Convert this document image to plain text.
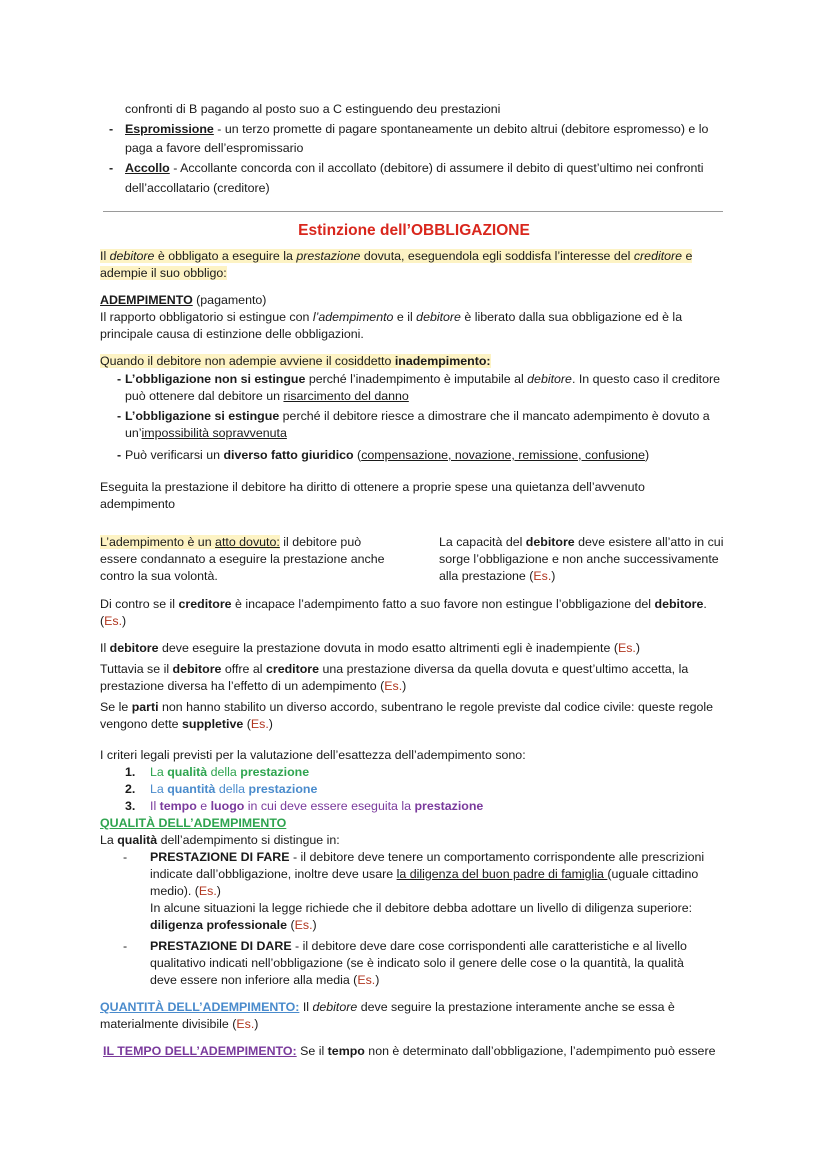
confronti di B pagando al posto suo a C estinguendo deu prestazioni
- Espromissione - un terzo promette di pagare spontaneamente un debito altrui (debitore espromesso) e lo
paga a favore dell’espromissario
- Accollo - Accollante concorda con il accollato (debitore) di assumere il debito di quest’ultimo nei confronti
dell’accollatario (creditore)
Estinzione dell’OBBLIGAZIONE
Il debitore è obbligato a eseguire la prestazione dovuta, eseguendola egli soddisfa l’interesse del creditore e
adempie il suo obbligo:
ADEMPIMENTO (pagamento)
Il rapporto obbligatorio si estingue con l’adempimento e il debitore è liberato dalla sua obbligazione ed è la
principale causa di estinzione delle obbligazioni.
Quando il debitore non adempie avviene il cosiddetto inadempimento:
- L’obbligazione non si estingue perché l’inadempimento è imputabile al debitore. In questo caso il creditore
può ottenere dal debitore un risarcimento del danno
- L’obbligazione si estingue perché il debitore riesce a dimostrare che il mancato adempimento è dovuto a
un’impossibilità sopravvenuta
- Può verificarsi un diverso fatto giuridico (compensazione, novazione, remissione, confusione)
Eseguita la prestazione il debitore ha diritto di ottenere a proprie spese una quietanza dell’avvenuto
adempimento
L’adempimento è un atto dovuto: il debitore può
essere condannato a eseguire la prestazione anche
contro la sua volontà.
La capacità del debitore deve esistere all’atto in cui
sorge l’obbligazione e non anche successivamente
alla prestazione (Es.)
Di contro se il creditore è incapace l’adempimento fatto a suo favore non estingue l’obbligazione del debitore.
(Es.)
Il debitore deve eseguire la prestazione dovuta in modo esatto altrimenti egli è inadempiente (Es.)
Tuttavia se il debitore offre al creditore una prestazione diversa da quella dovuta e quest’ultimo accetta, la
prestazione diversa ha l’effetto di un adempimento (Es.)
Se le parti non hanno stabilito un diverso accordo, subentrano le regole previste dal codice civile: queste regole
vengono dette suppletive (Es.)
I criteri legali previsti per la valutazione dell’esattezza dell’adempimento sono:
1. La qualità della prestazione
2. La quantità della prestazione
3. Il tempo e luogo in cui deve essere eseguita la prestazione
QUALITÀ DELL’ADEMPIMENTO
La qualità dell’adempimento si distingue in:
- PRESTAZIONE DI FARE - il debitore deve tenere un comportamento corrispondente alle prescrizioni
indicate dall’obbligazione, inoltre deve usare la diligenza del buon padre di famiglia (uguale cittadino
medio). (Es.)
In alcune situazioni la legge richiede che il debitore debba adottare un livello di diligenza superiore:
diligenza professionale (Es.)
- PRESTAZIONE DI DARE - il debitore deve dare cose corrispondenti alle caratteristiche e al livello
qualitativo indicati nell’obbligazione (se è indicato solo il genere delle cose o la quantità, la qualità
deve essere non inferiore alla media (Es.)
QUANTITÀ DELL’ADEMPIMENTO: Il debitore deve seguire la prestazione interamente anche se essa è
materialmente divisibile (Es.)
IL TEMPO DELL’ADEMPIMENTO: Se il tempo non è determinato dall’obbligazione, l’adempimento può essere
